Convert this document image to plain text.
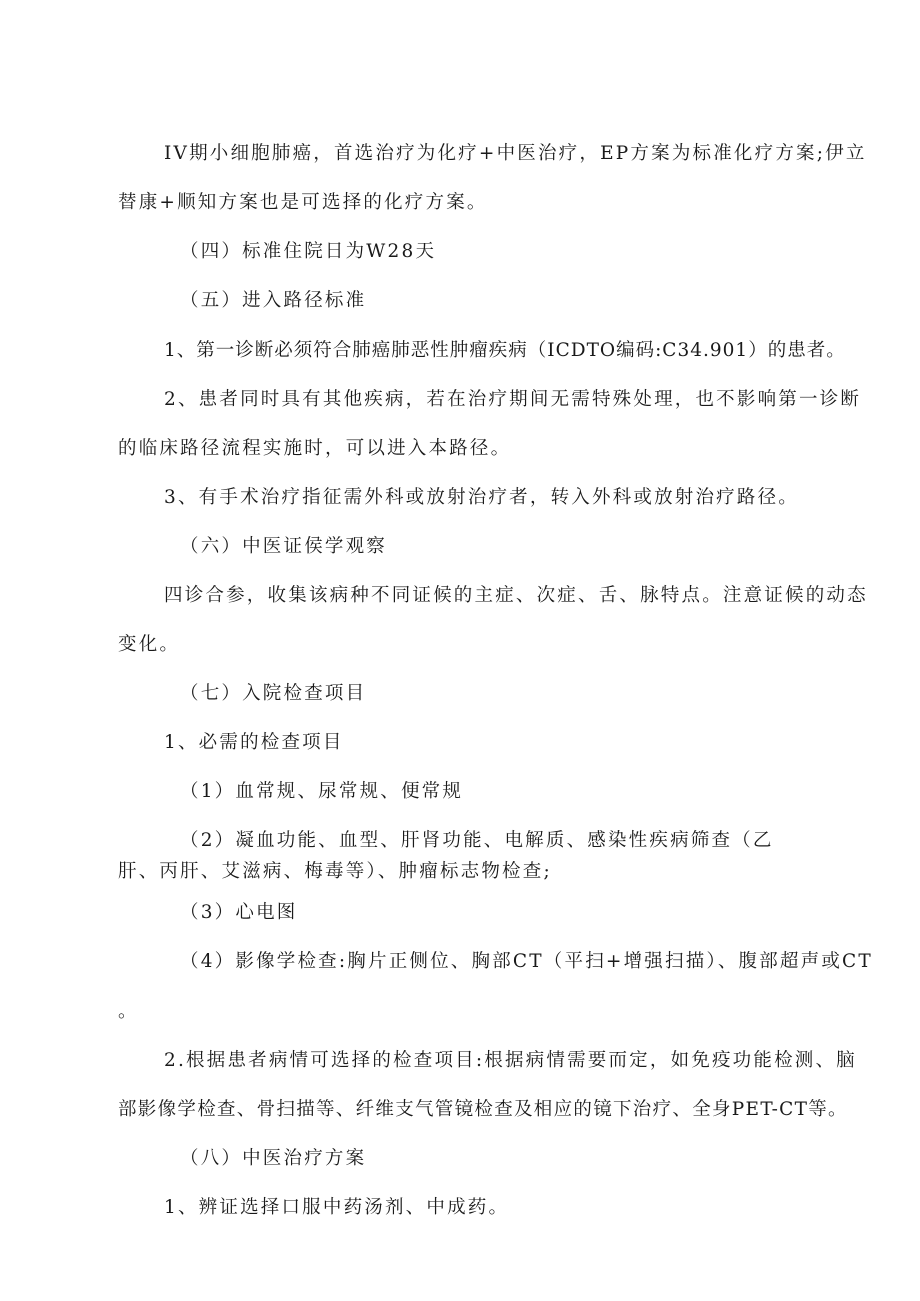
IV期小细胞肺癌，首选治疗为化疗+中医治疗，EP方案为标准化疗方案;伊立

替康+顺知方案也是可选择的化疗方案。

（四）标准住院日为W28天

（五）进入路径标准

1、第一诊断必须符合肺癌肺恶性肿瘤疾病（ICDTO编码:C34.901）的患者。

2、患者同时具有其他疾病，若在治疗期间无需特殊处理，也不影响第一诊断

的临床路径流程实施时，可以进入本路径。

3、有手术治疗指征需外科或放射治疗者，转入外科或放射治疗路径。

（六）中医证侯学观察

四诊合参，收集该病种不同证候的主症、次症、舌、脉特点。注意证候的动态

变化。

（七）入院检查项目

1、必需的检查项目

（1）血常规、尿常规、便常规

（2）凝血功能、血型、肝肾功能、电解质、感染性疾病筛查（乙

肝、丙肝、艾滋病、梅毒等）、肿瘤标志物检查;

（3）心电图

（4）影像学检查:胸片正侧位、胸部CT（平扫+增强扫描）、腹部超声或CT

。

2.根据患者病情可选择的检查项目:根据病情需要而定，如免疫功能检测、脑

部影像学检查、骨扫描等、纤维支气管镜检查及相应的镜下治疗、全身PET-CT等。

（八）中医治疗方案

1、辨证选择口服中药汤剂、中成药。
